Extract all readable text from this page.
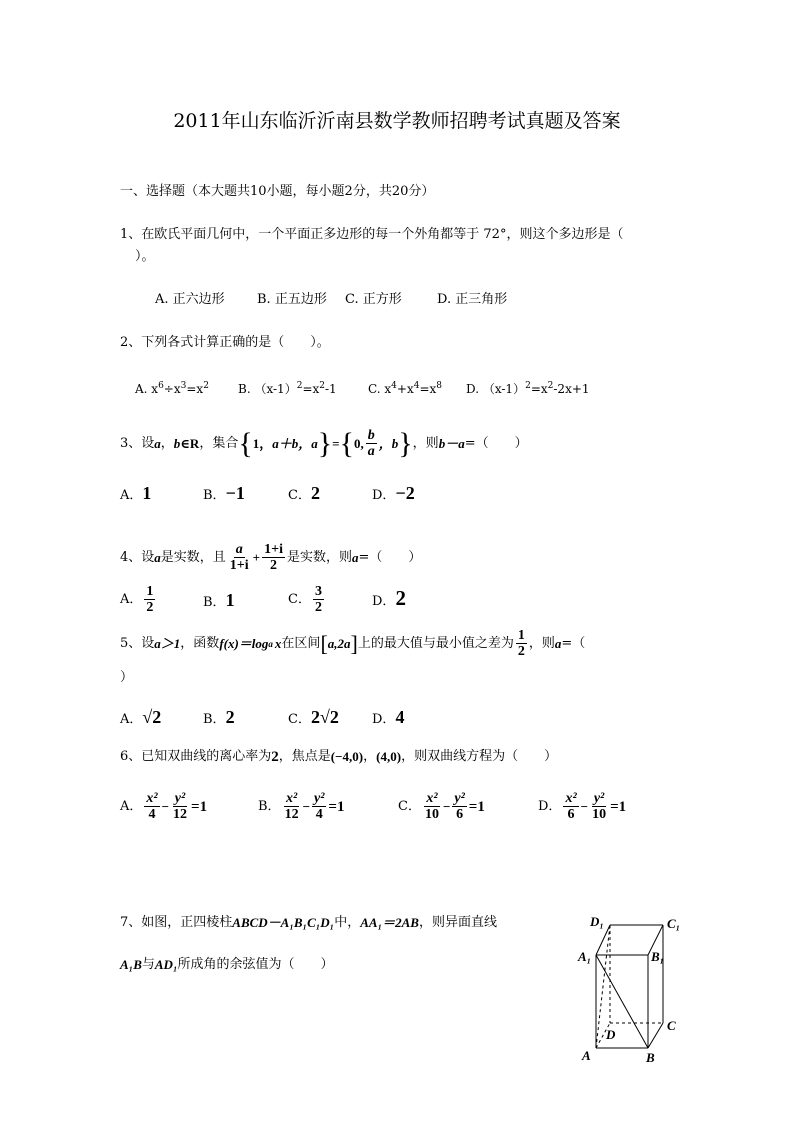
2011年山东临沂沂南县数学教师招聘考试真题及答案
一、选择题（本大题共10小题，每小题2分，共20分）
1、在欧氏平面几何中，一个平面正多边形的每一个外角都等于 72°，则这个多边形是（
）。
A. 正六边形 B. 正五边形 C. 正方形	D. 正三角形
2、下列各式计算正确的是（　　）。
A. $x^6\div x^3=x^2$ B. $(x-1)^2=x^2-1$	C. $x^4+x^4=x^8$ D. $(x-1)^2=x^2-2x+1$
3、设 a ， b ∈ R ，集合 { 1， a＋b， a } = { 0, $\frac{b}{a}$ ，b } ，则 b－a =（　　）
A．1	B．−1	C．2	D．−2
4、设 a 是实数，且 $\frac{a}{1+i} + \frac{1+i}{2}$ 是实数，则 a =（　　）
A． $\frac{1}{2}$	B．1	C． $\frac{3}{2}$	D．2
5、设 a＞1 ，函数 f(x)＝log a x 在区间 [ a,2a ] 上的最大值与最小值之差为 $\frac{1}{2}$ ，则 a =（
）
A．√2	B．2	C．2√2	D．4
6、已知双曲线的离心率为 2 ，焦点是 (−4,0) ， (4,0) ，则双曲线方程为（　　）
A． $\frac{\text{x²}}{4} - \frac{\text{y²}}{12} =1$	B． $\frac{\text{x²}}{12} - \frac{\text{y²}}{4} =1$	C． $\frac{\text{x²}}{10} - \frac{\text{y²}}{6} =1$	D． $\frac{\text{x²}}{6} - \frac{\text{y²}}{10} =1$
7、如图，正四棱柱 ABCD－A₁B₁C₁D₁ 中， AA₁＝2AB ，则异面直线
A₁B 与 AD₁ 所成角的余弦值为（　　）
D₁	C₁
A₁	B₁
D
C
A	B
